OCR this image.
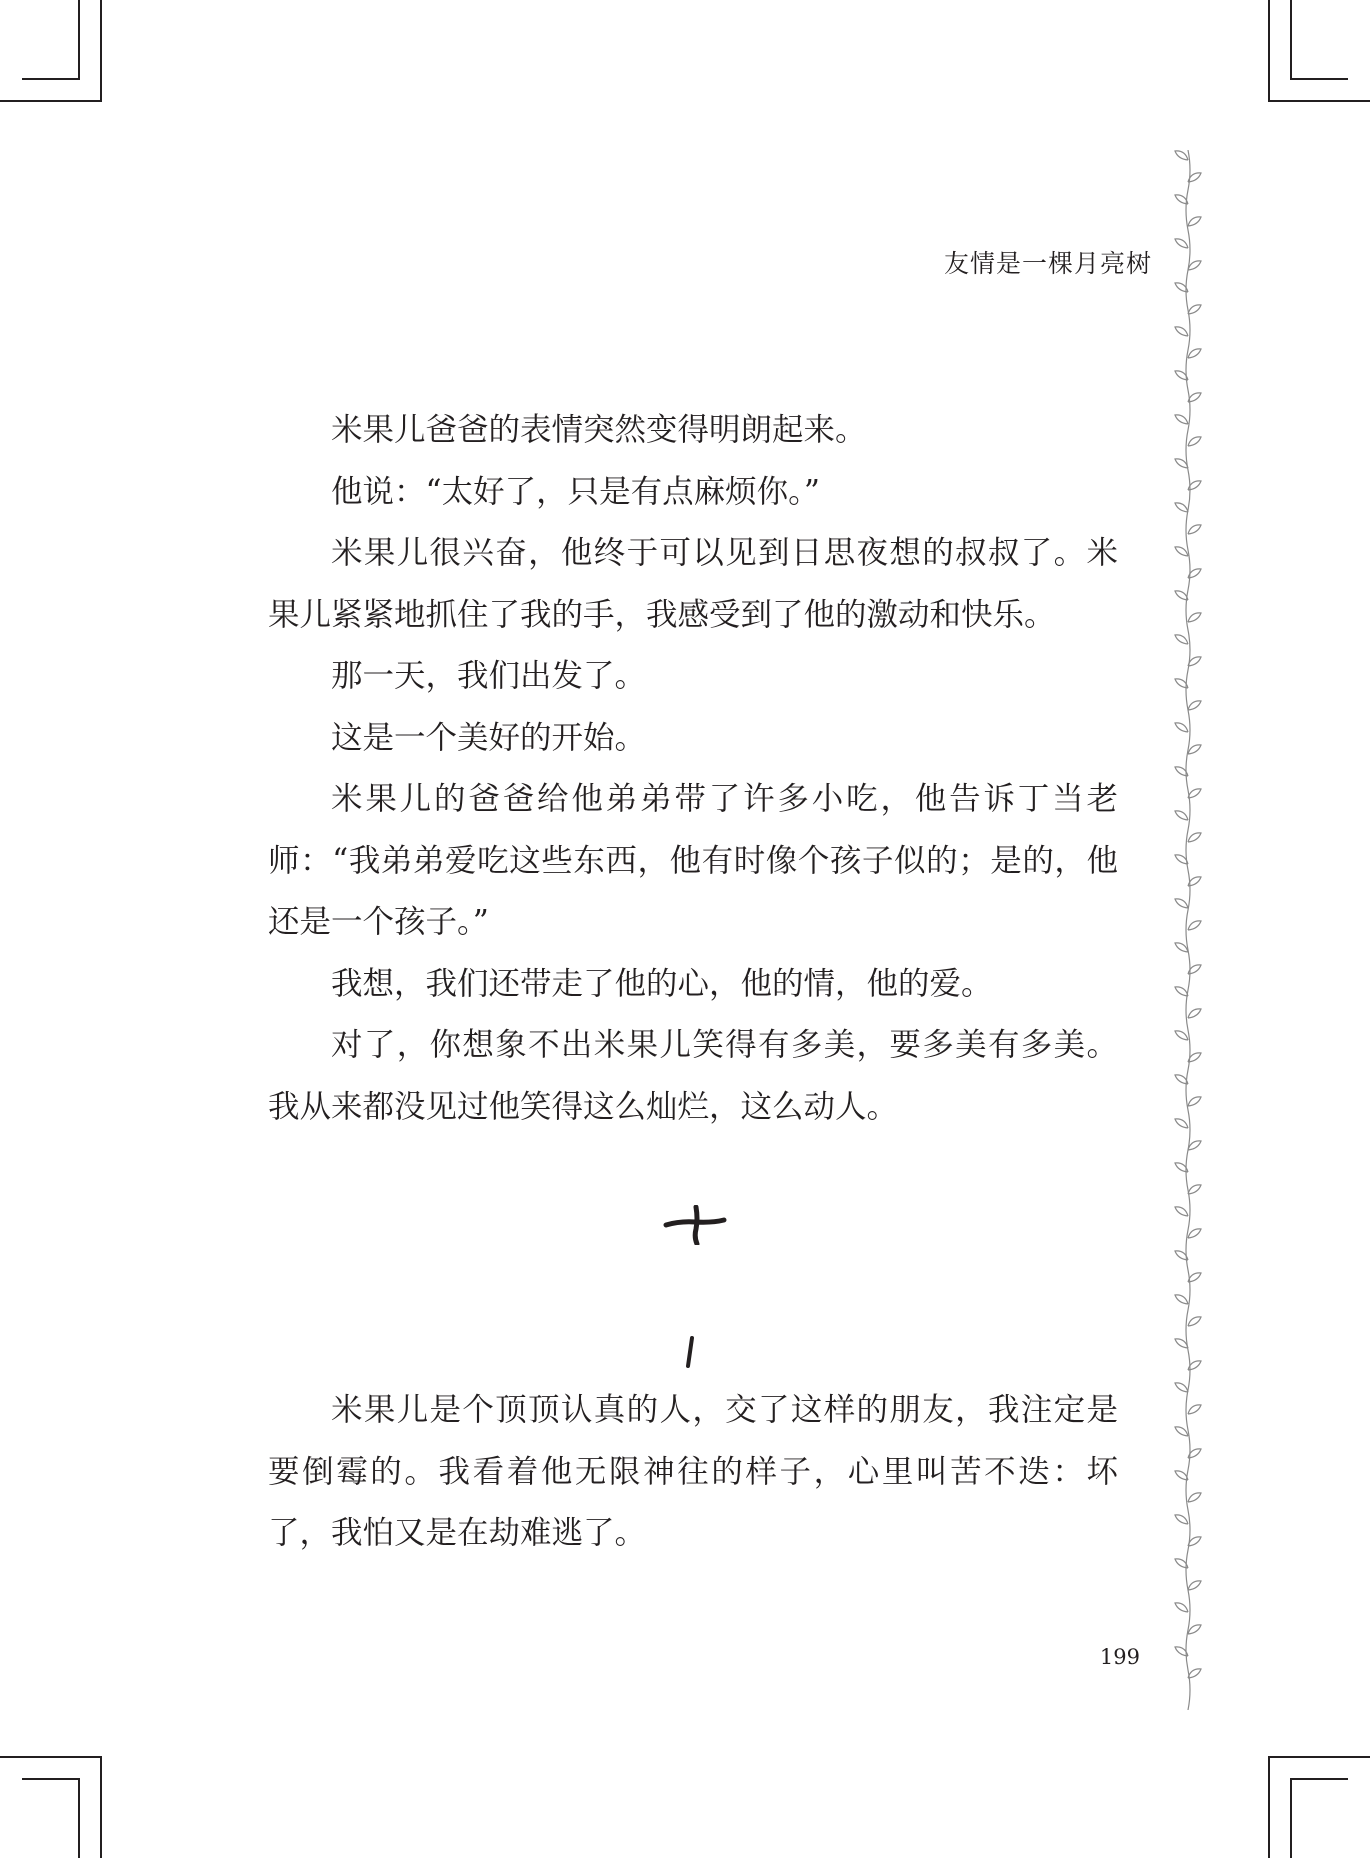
友情是一棵月亮树

米果儿爸爸的表情突然变得明朗起来。

他说：“太好了，只是有点麻烦你。”

米果儿很兴奋，他终于可以见到日思夜想的叔叔了。米果儿紧紧地抓住了我的手，我感受到了他的激动和快乐。

那一天，我们出发了。

这是一个美好的开始。

米果儿的爸爸给他弟弟带了许多小吃，他告诉丁当老师：“我弟弟爱吃这些东西，他有时像个孩子似的；是的，他还是一个孩子。”

我想，我们还带走了他的心，他的情，他的爱。

对了，你想象不出米果儿笑得有多美，要多美有多美。我从来都没见过他笑得这么灿烂，这么动人。

米果儿是个顶顶认真的人，交了这样的朋友，我注定是要倒霉的。我看着他无限神往的样子，心里叫苦不迭：坏了，我怕又是在劫难逃了。

199
